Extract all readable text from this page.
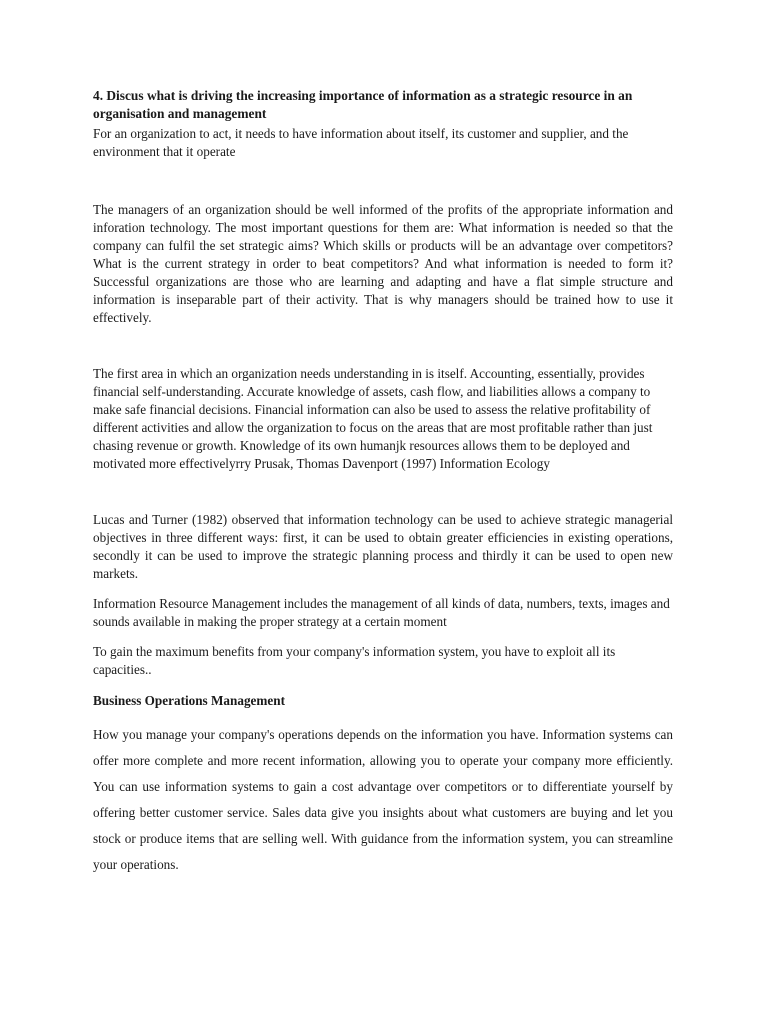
4. Discus what is driving the increasing importance of information as a strategic resource in an organisation and management

For an organization to act, it needs to have information about itself, its customer and supplier, and the environment that it operate

The managers of an organization should be well informed of the profits of the appropriate information and inforation technology. The most important questions for them are: What information is needed so that the company can fulfil the set strategic aims? Which skills or products will be an advantage over competitors? What is the current strategy in order to beat competitors? And what information is needed to form it? Successful organizations are those who are learning and adapting and have a flat simple structure and information is inseparable part of their activity. That is why managers should be trained how to use it effectively.

The first area in which an organization needs understanding in is itself. Accounting, essentially, provides financial self-understanding. Accurate knowledge of assets, cash flow, and liabilities allows a company to make safe financial decisions. Financial information can also be used to assess the relative profitability of different activities and allow the organization to focus on the areas that are most profitable rather than just chasing revenue or growth. Knowledge of its own humanjk resources allows them to be deployed and motivated more effectivelyrry Prusak, Thomas Davenport (1997) Information Ecology

Lucas and Turner (1982) observed that information technology can be used to achieve strategic managerial objectives in three different ways: first, it can be used to obtain greater efficiencies in existing operations, secondly it can be used to improve the strategic planning process and thirdly it can be used to open new markets.

Information Resource Management includes the management of all kinds of data, numbers, texts, images and sounds available in making the proper strategy at a certain moment

To gain the maximum benefits from your company's information system, you have to exploit all its capacities..

Business Operations Management

How you manage your company's operations depends on the information you have. Information systems can offer more complete and more recent information, allowing you to operate your company more efficiently. You can use information systems to gain a cost advantage over competitors or to differentiate yourself by offering better customer service. Sales data give you insights about what customers are buying and let you stock or produce items that are selling well. With guidance from the information system, you can streamline your operations.
